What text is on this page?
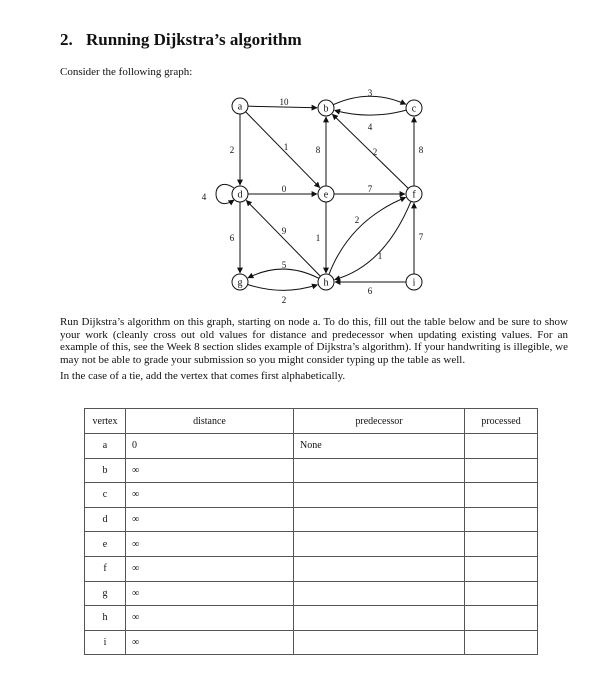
2. Running Dijkstra’s algorithm
Consider the following graph:
10
2	1
3
4
8	2	8
4
0	7
6
9
1
2
1
7
6
5
2
a	b	c
d	e	f
g	h	i
Run Dijkstra’s algorithm on this graph, starting on node a. To do this, fill out the table below and be sure to show your work (cleanly cross out old values for distance and predecessor when updating existing values. For an example of this, see the Week 8 section slides example of Dijkstra’s algorithm). If your handwriting is illegible, we may not be able to grade your submission so you might consider typing up the table as well.
In the case of a tie, add the vertex that comes first alphabetically.
vertex	distance	predecessor	processed
a	0	None	
b	∞		
c	∞		
d	∞		
e	∞		
f	∞		
g	∞		
h	∞		
i	∞		
